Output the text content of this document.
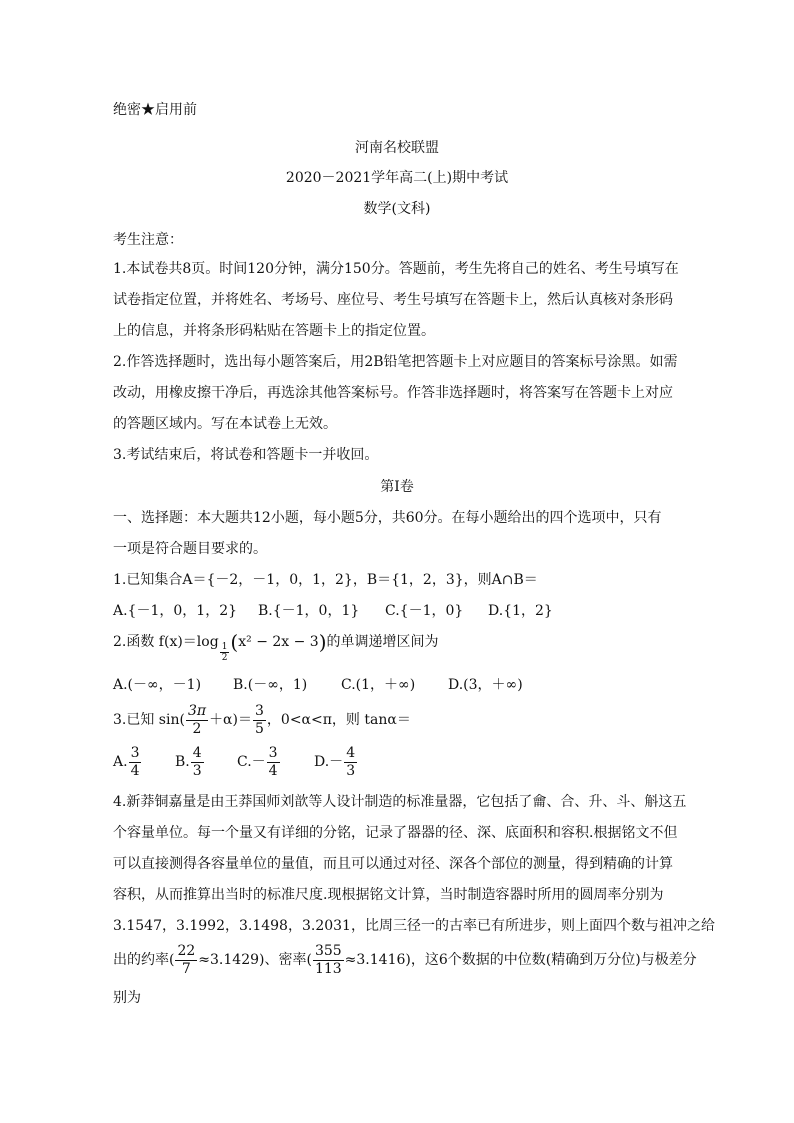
绝密★启用前
河南名校联盟
2020－2021学年高二(上)期中考试
数学(文科)
考生注意：
1.本试卷共8页。时间120分钟，满分150分。答题前，考生先将自己的姓名、考生号填写在
试卷指定位置，并将姓名、考场号、座位号、考生号填写在答题卡上，然后认真核对条形码
上的信息，并将条形码粘贴在答题卡上的指定位置。
2.作答选择题时，选出每小题答案后，用2B铅笔把答题卡上对应题目的答案标号涂黑。如需
改动，用橡皮擦干净后，再选涂其他答案标号。作答非选择题时，将答案写在答题卡上对应
的答题区域内。写在本试卷上无效。
3.考试结束后，将试卷和答题卡一并收回。
第Ⅰ卷
一、选择题：本大题共12小题，每小题5分，共60分。在每小题给出的四个选项中，只有
一项是符合题目要求的。
1.已知集合A＝{－2，－1，0，1，2}，B＝{1，2，3}，则A∩B＝
A.{－1，0，1，2} B.{－1，0，1} C.{－1，0} D.{1，2}
2.函数 f(x)＝log $_{\frac{1}{2}}$ (x² − 2x − 3)的单调递增区间为
A.(－∞，－1) B.(－∞，1) C.(1，＋∞) D.(3，＋∞)
3.已知 $\sin( \frac{3\pi}{2} +\alpha)= \frac{3}{5}$ ，0<α<π，则 tanα＝
A. $\frac{3}{4} B$. $\frac{4}{3} C.- \frac{3}{4} D.- \frac{4}{3}$
4.新莽铜嘉量是由王莽国师刘歆等人设计制造的标准量器，它包括了龠、合、升、斗、斛这五
个容量单位。每一个量又有详细的分铭，记录了器器的径、深、底面积和容积.根据铭文不但
可以直接测得各容量单位的量值，而且可以通过对径、深各个部位的测量，得到精确的计算
容积，从而推算出当时的标准尺度.现根据铭文计算，当时制造容器时所用的圆周率分别为
3.1547，3.1992，3.1498，3.2031，比周三径一的古率已有所进步，则上面四个数与祖冲之给
出的约率( $\frac{22}{7} \approx 3.1429$)、密率( $\frac{355}{113} \approx 3.1416$)，这6个数据的中位数(精确到万分位)与极差分
别为
